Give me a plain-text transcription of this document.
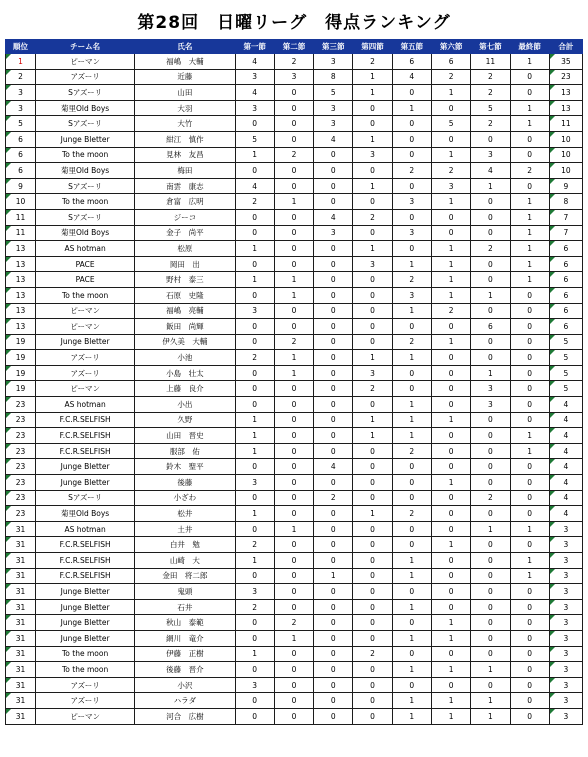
第28回　日曜リーグ　得点ランキング
順位	チーム名	氏名	第一節	第二節	第三節	第四節	第五節	第六節	第七節	最終節	合計
1	ピーマン	福嶋　大輔	4	2	3	2	6	6	11	1	35
2	アズーリ	近藤	3	3	8	1	4	2	2	0	23
3	Sアズーリ	山田	4	0	5	1	0	1	2	0	13
3	菊里Old Boys	大羽	3	0	3	0	1	0	5	1	13
5	Sアズーリ	大竹	0	0	3	0	0	5	2	1	11
6	Junge Bletter	紺江　慎作	5	0	4	1	0	0	0	0	10
6	To the moon	見林　友昌	1	2	0	3	0	1	3	0	10
6	菊里Old Boys	梅田	0	0	0	0	2	2	4	2	10
9	Sアズーリ	南雲　康志	4	0	0	1	0	3	1	0	9
10	To the moon	倉富　広明	2	1	0	0	3	1	0	1	8
11	Sアズーリ	ジーコ	0	0	4	2	0	0	0	1	7
11	菊里Old Boys	金子　尚平	0	0	3	0	3	0	0	1	7
13	AS hotman	松原	1	0	0	1	0	1	2	1	6
13	PACE	岡田　出	0	0	0	3	1	1	0	1	6
13	PACE	野村　泰三	1	1	0	0	2	1	0	1	6
13	To the moon	石原　史隆	0	1	0	0	3	1	1	0	6
13	ピーマン	福嶋　亮輔	3	0	0	0	1	2	0	0	6
13	ピーマン	飯田　尚輝	0	0	0	0	0	0	6	0	6
19	Junge Bletter	伊久美　大輔	0	2	0	0	2	1	0	0	5
19	アズーリ	小池	2	1	0	1	1	0	0	0	5
19	アズーリ	小島　壮太	0	1	0	3	0	0	1	0	5
19	ピーマン	上藤　良介	0	0	0	2	0	0	3	0	5
23	AS hotman	小出	0	0	0	0	1	0	3	0	4
23	F.C.R.SELFISH	久野	1	0	0	1	1	1	0	0	4
23	F.C.R.SELFISH	山田　晋史	1	0	0	1	1	0	0	1	4
23	F.C.R.SELFISH	服部　佑	1	0	0	0	2	0	0	1	4
23	Junge Bletter	鈴木　聖平	0	0	4	0	0	0	0	0	4
23	Junge Bletter	後藤	3	0	0	0	0	1	0	0	4
23	Sアズーリ	小ざわ	0	0	2	0	0	0	2	0	4
23	菊里Old Boys	松井	1	0	0	1	2	0	0	0	4
31	AS hotman	土井	0	1	0	0	0	0	1	1	3
31	F.C.R.SELFISH	白井　勉	2	0	0	0	0	1	0	0	3
31	F.C.R.SELFISH	山崎　大	1	0	0	0	1	0	0	1	3
31	F.C.R.SELFISH	金田　将二郎	0	0	1	0	1	0	0	1	3
31	Junge Bletter	鬼頭	3	0	0	0	0	0	0	0	3
31	Junge Bletter	石井	2	0	0	0	1	0	0	0	3
31	Junge Bletter	秋山　泰範	0	2	0	0	0	1	0	0	3
31	Junge Bletter	網川　竜介	0	1	0	0	1	1	0	0	3
31	To the moon	伊藤　正樹	1	0	0	2	0	0	0	0	3
31	To the moon	後藤　晋介	0	0	0	0	1	1	1	0	3
31	アズーリ	小沢	3	0	0	0	0	0	0	0	3
31	アズーリ	ハラダ	0	0	0	0	1	1	1	0	3
31	ピーマン	河合　広樹	0	0	0	0	1	1	1	0	3
